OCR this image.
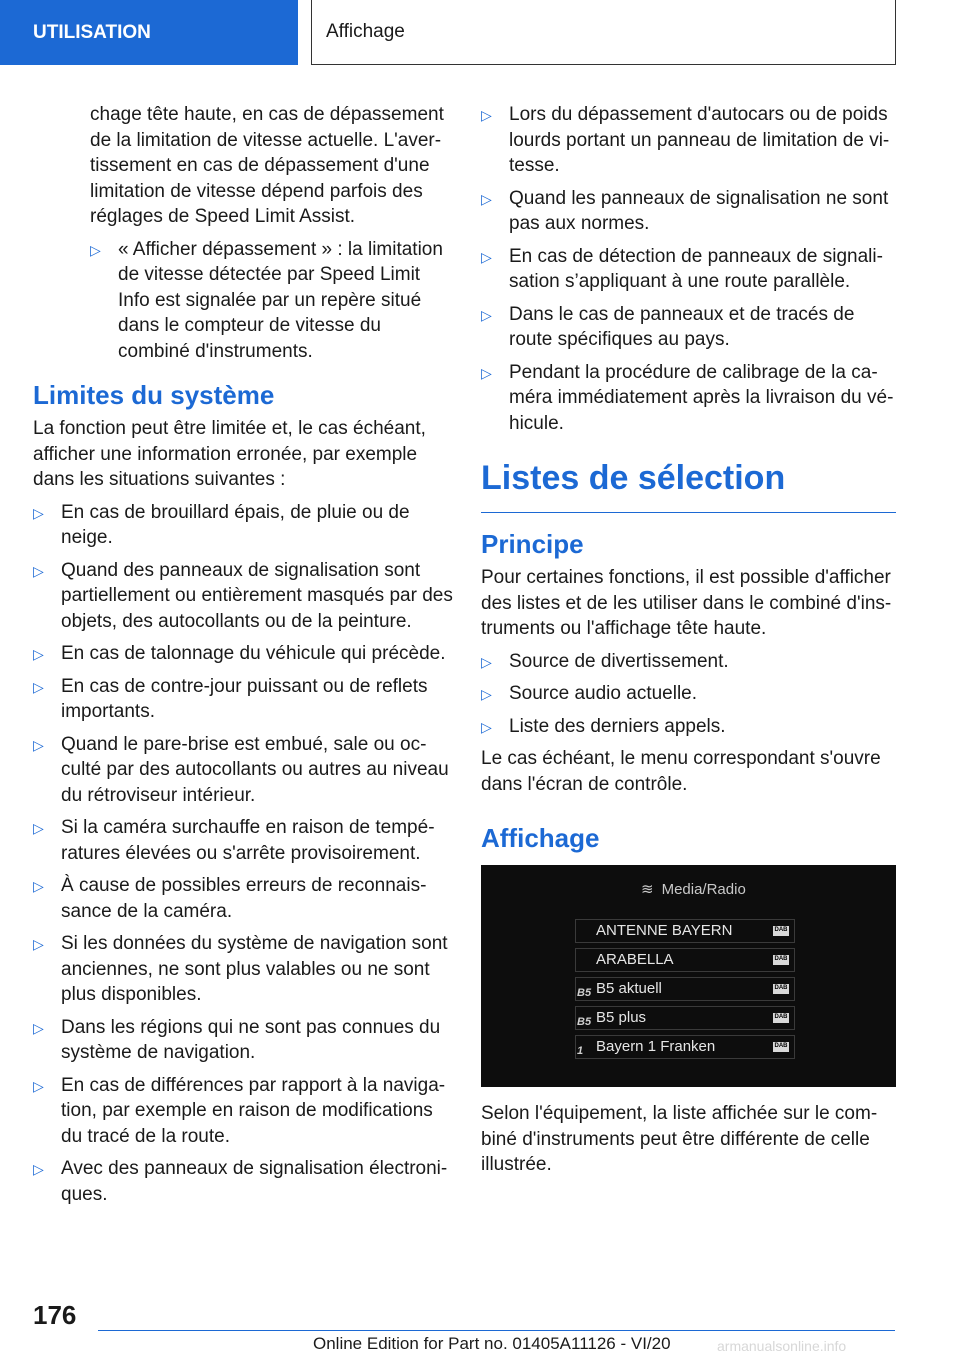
UTILISATION	Affichage

chage tête haute, en cas de dépassement de la limitation de vitesse actuelle. L'avertissement en cas de dépassement d'une limitation de vitesse dépend parfois des réglages de Speed Limit Assist.

▷ « Afficher dépassement » : la limitation de vitesse détectée par Speed Limit Info est signalée par un repère situé dans le compteur de vitesse du combiné d'instruments.
Limites du système

La fonction peut être limitée et, le cas échéant, afficher une information erronée, par exemple dans les situations suivantes :

▷ En cas de brouillard épais, de pluie ou de neige.
▷ Quand des panneaux de signalisation sont partiellement ou entièrement masqués par des objets, des autocollants ou de la peinture.
▷ En cas de talonnage du véhicule qui précède.
▷ En cas de contre-jour puissant ou de reflets importants.
▷ Quand le pare-brise est embué, sale ou occulté par des autocollants ou autres au niveau du rétroviseur intérieur.
▷ Si la caméra surchauffe en raison de températures élevées ou s'arrête provisoirement.
▷ À cause de possibles erreurs de reconnaissance de la caméra.
▷ Si les données du système de navigation sont anciennes, ne sont plus valables ou ne sont plus disponibles.
▷ Dans les régions qui ne sont pas connues du système de navigation.
▷ En cas de différences par rapport à la navigation, par exemple en raison de modifications du tracé de la route.
▷ Avec des panneaux de signalisation électroniques.
▷ Lors du dépassement d'autocars ou de poids lourds portant un panneau de limitation de vitesse.
▷ Quand les panneaux de signalisation ne sont pas aux normes.
▷ En cas de détection de panneaux de signalisation s’appliquant à une route parallèle.
▷ Dans le cas de panneaux et de tracés de route spécifiques au pays.
▷ Pendant la procédure de calibrage de la caméra immédiatement après la livraison du véhicule.
Listes de sélection
Principe

Pour certaines fonctions, il est possible d'afficher des listes et de les utiliser dans le combiné d'instruments ou l'affichage tête haute.

▷ Source de divertissement.
▷ Source audio actuelle.
▷ Liste des derniers appels.

Le cas échéant, le menu correspondant s'ouvre dans l'écran de contrôle.

Affichage
≋ Media/Radio
ANTENNE BAYERN	DAB
ARABELLA	DAB
B5 B5 aktuell	DAB
B5 B5 plus	DAB
1 Bayern 1 Franken	DAB

Selon l'équipement, la liste affichée sur le combiné d'instruments peut être différente de celle illustrée.

176
Online Edition for Part no. 01405A11126 - VI/20	armanualsonline.info
